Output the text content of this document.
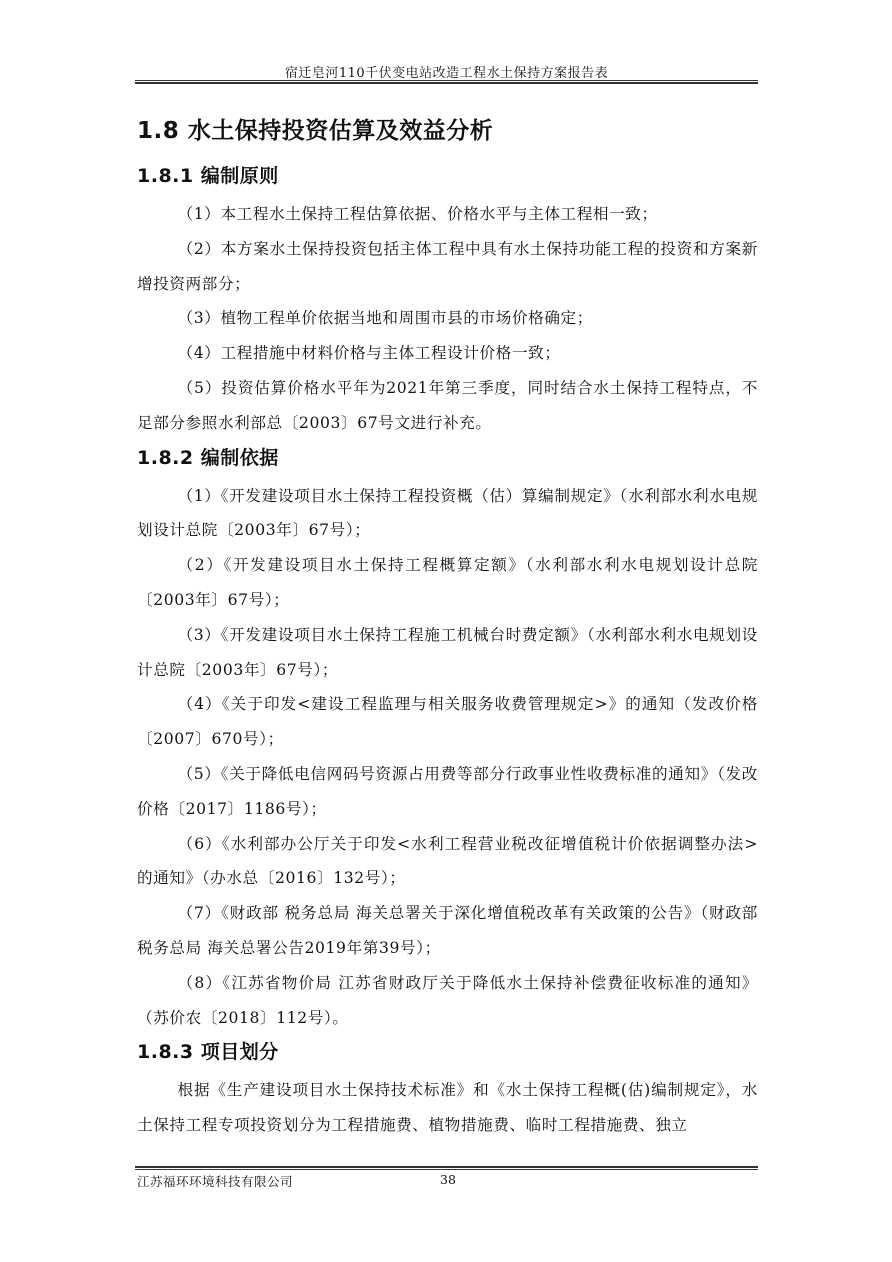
宿迁皂河110千伏变电站改造工程水土保持方案报告表
1.8 水土保持投资估算及效益分析
1.8.1 编制原则

（1）本工程水土保持工程估算依据、价格水平与主体工程相一致；

（2）本方案水土保持投资包括主体工程中具有水土保持功能工程的投资和方案新增投资两部分；

（3）植物工程单价依据当地和周围市县的市场价格确定；

（4）工程措施中材料价格与主体工程设计价格一致；

（5）投资估算价格水平年为2021年第三季度，同时结合水土保持工程特点，不足部分参照水利部总〔2003〕67号文进行补充。

1.8.2 编制依据

（1）《开发建设项目水土保持工程投资概（估）算编制规定》（水利部水利水电规划设计总院〔2003年〕67号）；

（2）《开发建设项目水土保持工程概算定额》（水利部水利水电规划设计总院〔2003年〕67号）；

（3）《开发建设项目水土保持工程施工机械台时费定额》（水利部水利水电规划设计总院〔2003年〕67号）；

（4）《关于印发<建设工程监理与相关服务收费管理规定>》的通知（发改价格〔2007〕670号）；

（5）《关于降低电信网码号资源占用费等部分行政事业性收费标准的通知》（发改价格〔2017〕1186号）；

（6）《水利部办公厅关于印发<水利工程营业税改征增值税计价依据调整办法>的通知》（办水总〔2016〕132号）；

（7）《财政部 税务总局 海关总署关于深化增值税改革有关政策的公告》（财政部 税务总局 海关总署公告2019年第39号）；

（8）《江苏省物价局 江苏省财政厅关于降低水土保持补偿费征收标准的通知》（苏价农〔2018〕112号）。

1.8.3 项目划分

根据《生产建设项目水土保持技术标准》和《水土保持工程概(估)编制规定》，水土保持工程专项投资划分为工程措施费、植物措施费、临时工程措施费、独立

江苏福环环境科技有限公司	38
